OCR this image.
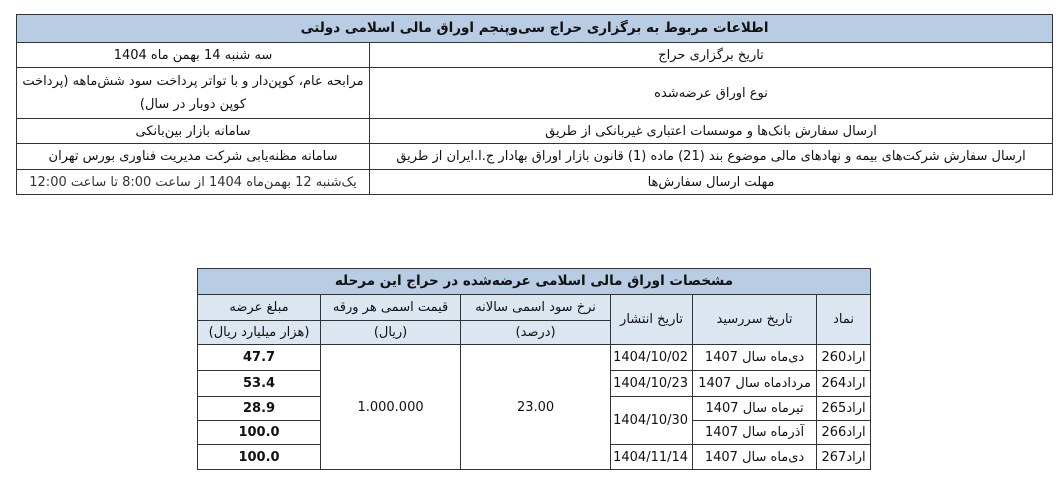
اطلاعات مربوط به برگزاری حراج سی‌وپنجم اوراق مالی اسلامی دولتی	
تاریخ برگزاری حراج	سه شنبه 14 بهمن ماه 1404
نوع اوراق عرضه‌شده	مرابحه عام، کوپن‌دار و با تواتر پرداخت سود شش‌ماهه (پرداخت کوپن دوبار در سال)
ارسال سفارش بانک‌ها و موسسات اعتباری غیربانکی از طریق	سامانه بازار بین‌بانکی
ارسال سفارش شرکت‌های بیمه و نهادهای مالی موضوع بند (21) ماده (1) قانون بازار اوراق بهادار ج.ا.ایران از طریق	سامانه مظنه‌یابی شرکت مدیریت فناوری بورس تهران
مهلت ارسال سفارش‌ها	یک‌شنبه 12 بهمن‌ماه 1404 از ساعت 8:00 تا ساعت 12:00
مشخصات اوراق مالی اسلامی عرضه‌شده در حراج این مرحله					
نماد	تاریخ سررسید	تاریخ انتشار	نرخ سود اسمی سالانه	قیمت اسمی هر ورقه	مبلغ عرضه
			(درصد)	(ریال)	(هزار میلیارد ریال)
اراد260	دی‌ماه سال 1407	1404/10/02	23.00	1.000.000	47.7
اراد264	مردادماه سال 1407	1404/10/23			53.4
اراد265	تیرماه سال 1407	1404/10/30			28.9
اراد266	آذرماه سال 1407				100.0
اراد267	دی‌ماه سال 1407	1404/11/14			100.0
